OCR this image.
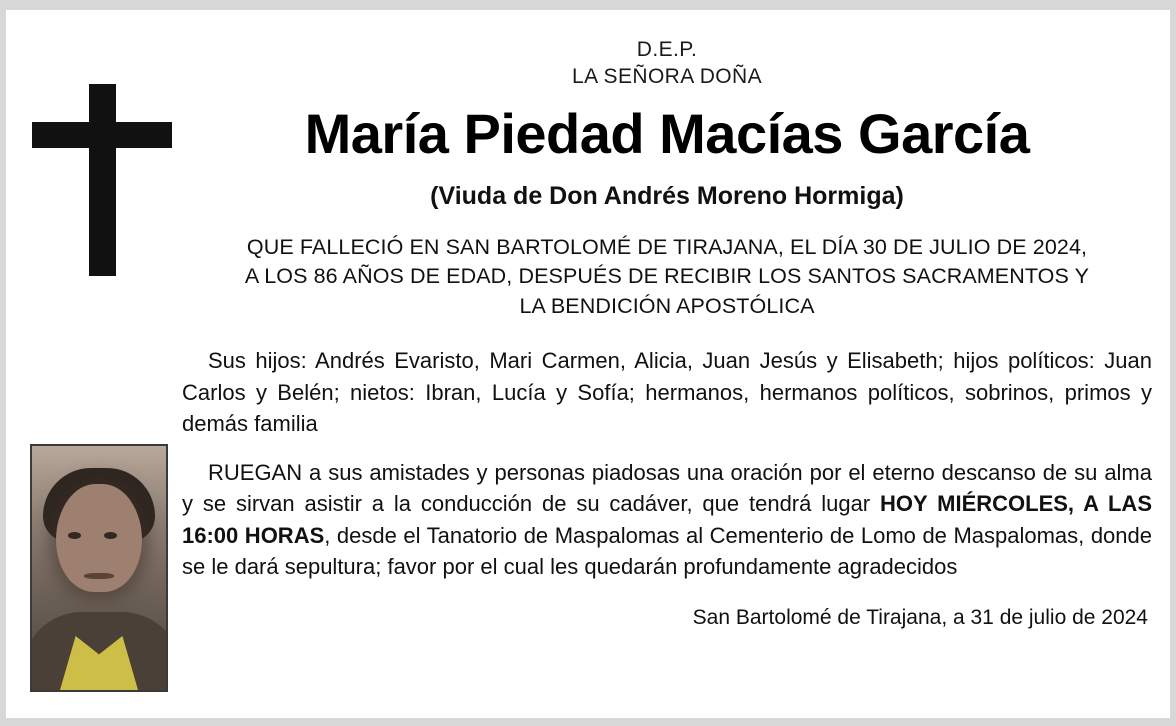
D.E.P.
LA SEÑORA DOÑA
María Piedad Macías García
(Viuda de Don Andrés Moreno Hormiga)
QUE FALLECIÓ EN SAN BARTOLOMÉ DE TIRAJANA, EL DÍA 30 DE JULIO DE 2024,
A LOS 86 AÑOS DE EDAD, DESPUÉS DE RECIBIR LOS SANTOS SACRAMENTOS Y
LA BENDICIÓN APOSTÓLICA
Sus hijos: Andrés Evaristo, Mari Carmen, Alicia, Juan Jesús y Elisabeth; hijos políticos: Juan Carlos y Belén; nietos: Ibran, Lucía y Sofía; hermanos, hermanos políticos, sobrinos, primos y demás familia
RUEGAN a sus amistades y personas piadosas una oración por el eterno descanso de su alma y se sirvan asistir a la conducción de su cadáver, que tendrá lugar HOY MIÉRCOLES, A LAS 16:00 HORAS, desde el Tanatorio de Maspalomas al Cementerio de Lomo de Maspalomas, donde se le dará sepultura; favor por el cual les quedarán profundamente agradecidos
San Bartolomé de Tirajana, a 31 de julio de 2024
